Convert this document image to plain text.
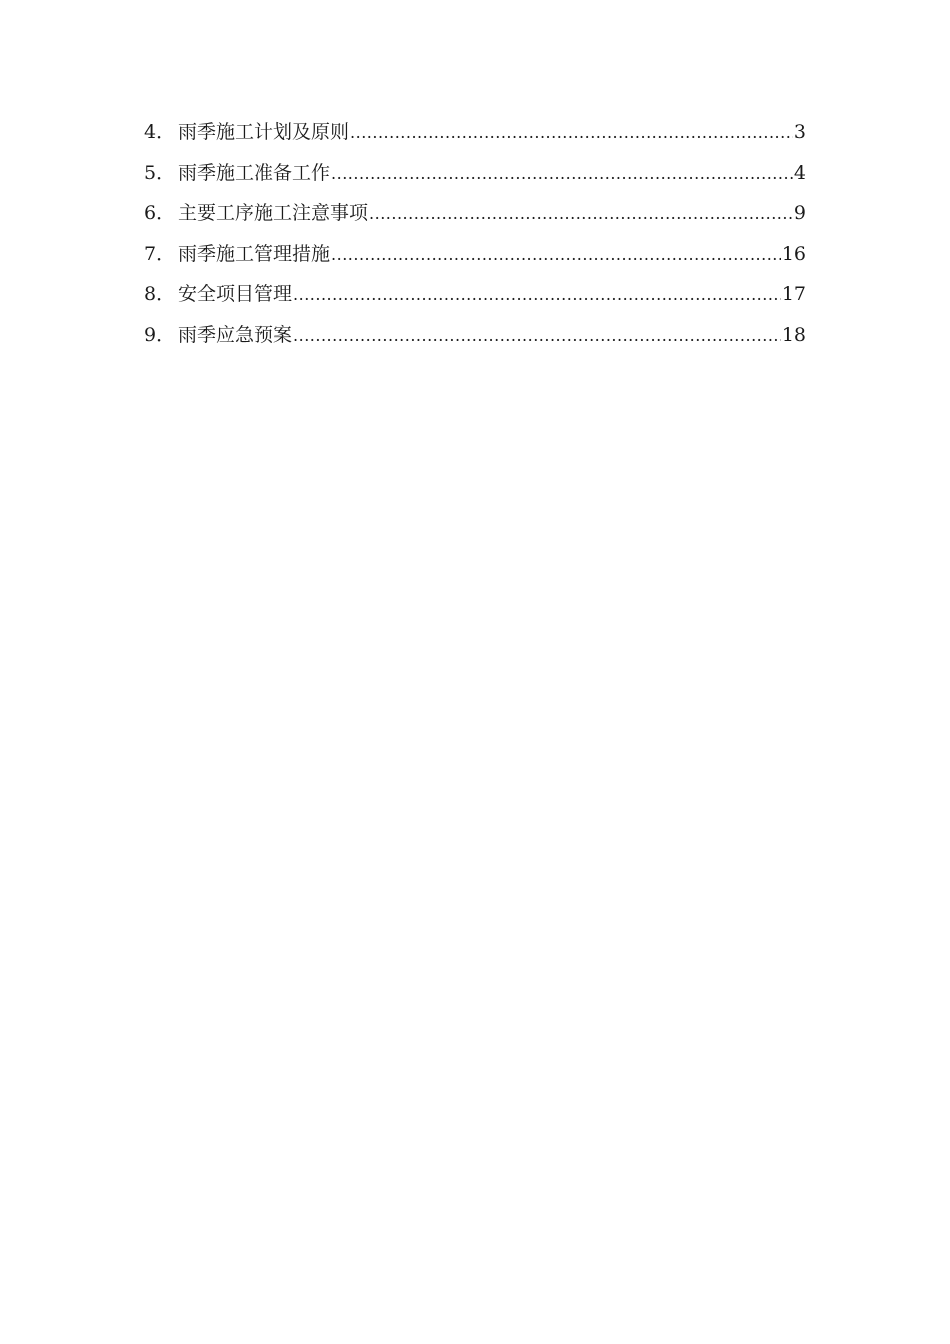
4． 雨季施工计划及原则 .....	3
5． 雨季施工准备工作 .....	4
6． 主要工序施工注意事项 .....	9
7． 雨季施工管理措施 .....	16
8． 安全项目管理 .....	17
9． 雨季应急预案 .....	18
